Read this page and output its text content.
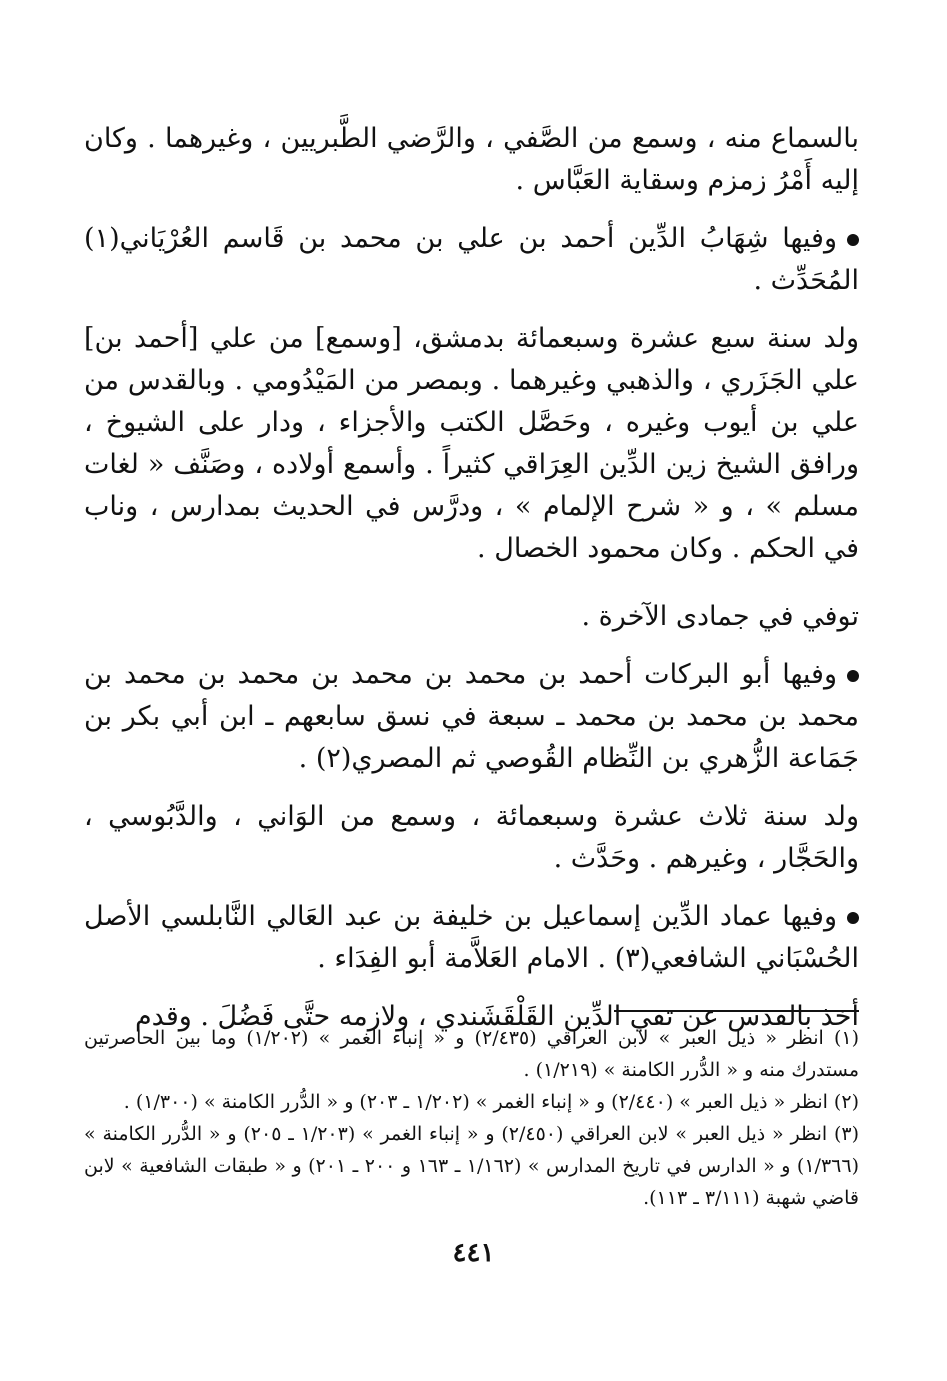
بالسماع منه ، وسمع من الصَّفي ، والرَّضي الطَّبريين ، وغيرهما . وكان إليه أَمْرُ زمزم وسقاية العَبَّاس .

وفيها شِهَابُ الدِّين أحمد بن علي بن محمد بن قَاسم العُرْيَاني(١) المُحَدِّث .

ولد سنة سبع عشرة وسبعمائة بدمشق، [وسمع] من علي [أحمد بن] علي الجَزَري ، والذهبي وغيرهما . وبمصر من المَيْدُومي . وبالقدس من علي بن أيوب وغيره ، وحَصَّل الكتب والأجزاء ، ودار على الشيوخ ، ورافق الشيخ زين الدِّين العِرَاقي كثيراً . وأسمع أولاده ، وصَنَّف « لغات مسلم » ، و « شرح الإلمام » ، ودرَّس في الحديث بمدارس ، وناب في الحكم . وكان محمود الخصال .

توفي في جمادى الآخرة .

وفيها أبو البركات أحمد بن محمد بن محمد بن محمد بن محمد بن محمد بن محمد بن محمد ـ سبعة في نسق سابعهم ـ ابن أبي بكر بن جَمَاعة الزُّهري بن النِّظام القُوصي ثم المصري(٢) .

ولد سنة ثلاث عشرة وسبعمائة ، وسمع من الوَاني ، والدَّبُوسي ، والحَجَّار ، وغيرهم . وحَدَّث .

وفيها عماد الدِّين إسماعيل بن خليفة بن عبد العَالي النَّابلسي الأصل الحُسْبَاني الشافعي(٣) . الامام العَلاَّمة أبو الفِدَاء .

أخذ بالقدس عن تقي الدِّين القَلْقَشَندي ، ولازمه حتَّى فَضُلَ . وقدم

(١) انظر « ذيل العبر » لابن العراقي (٢/٤٣٥) و « إنباء الغمر » (١/٢٠٢) وما بين الحاصرتين مستدرك منه و « الدُّرر الكامنة » (١/٢١٩) .

(٢) انظر « ذيل العبر » (٢/٤٤٠) و « إنباء الغمر » (١/٢٠٢ ـ ٢٠٣) و « الدُّرر الكامنة » (١/٣٠٠) .

(٣) انظر « ذيل العبر » لابن العراقي (٢/٤٥٠) و « إنباء الغمر » (١/٢٠٣ ـ ٢٠٥) و « الدُّرر الكامنة » (١/٣٦٦) و « الدارس في تاريخ المدارس » (١/١٦٢ ـ ١٦٣ و ٢٠٠ ـ ٢٠١) و « طبقات الشافعية » لابن قاضي شهبة (٣/١١١ ـ ١١٣).

٤٤١
